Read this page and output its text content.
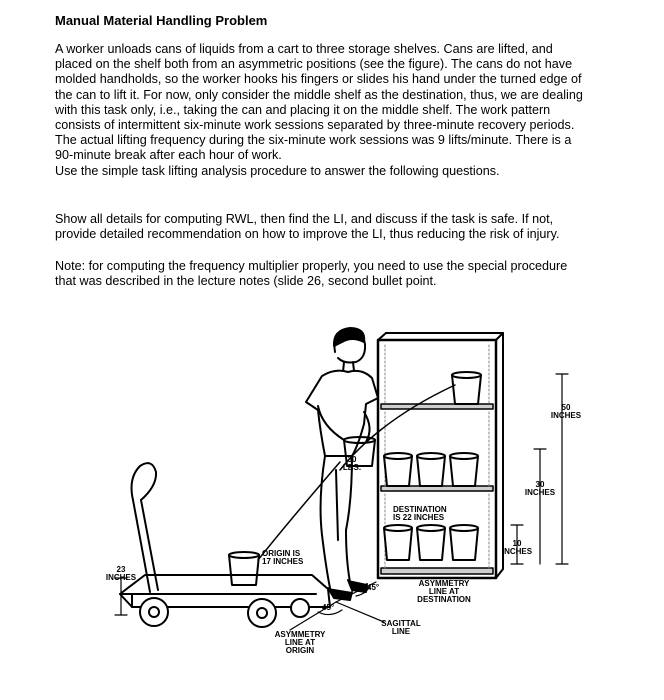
Manual Material Handling Problem

A worker unloads cans of liquids from a cart to three storage shelves. Cans are lifted, and
placed on the shelf both from an asymmetric positions (see the figure). The cans do not have
molded handholds, so the worker hooks his fingers or slides his hand under the turned edge of
the can to lift it. For now, only consider the middle shelf as the destination, thus, we are dealing
with this task only, i.e., taking the can and placing it on the middle shelf. The work pattern
consists of intermittent six-minute work sessions separated by three-minute recovery periods.
The actual lifting frequency during the six-minute work sessions was 9 lifts/minute. There is a
90-minute break after each hour of work.
Use the simple task lifting analysis procedure to answer the following questions.

Show all details for computing RWL, then find the LI, and discuss if the task is safe. If not,
provide detailed recommendation on how to improve the LI, thus reducing the risk of injury.

Note: for computing the frequency multiplier properly, you need to use the special procedure
that was described in the lecture notes (slide 26, second bullet point.

30
LBS.
ORIGIN IS
17 INCHES
DESTINATION
IS 22 INCHES
23
INCHES
50
INCHES
30
INCHES
10
INCHES
45°
45°	ASYMMETRY
LINE AT
DESTINATION
SAGITTAL
LINE
ASYMMETRY
LINE AT
ORIGIN
